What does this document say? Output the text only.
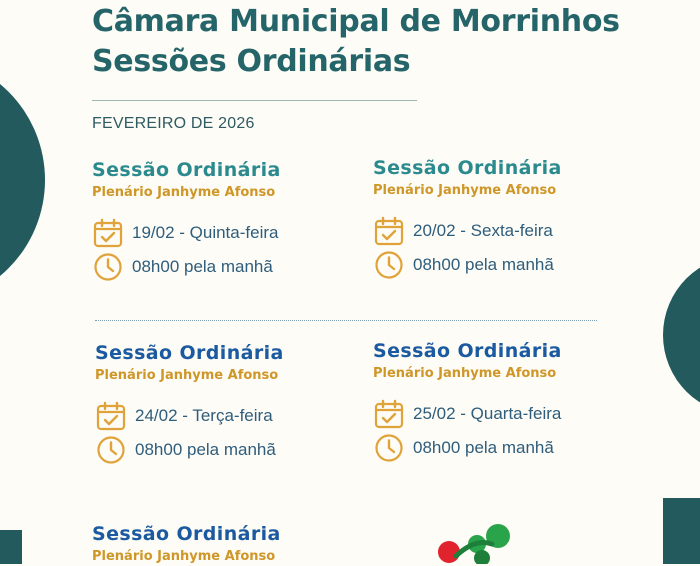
Câmara Municipal de Morrinhos
Sessões Ordinárias
FEVEREIRO DE 2026
Sessão Ordinária
Plenário Janhyme Afonso
19/02 - Quinta-feira
08h00 pela manhã
Sessão Ordinária
Plenário Janhyme Afonso
20/02 - Sexta-feira
08h00 pela manhã
Sessão Ordinária
Plenário Janhyme Afonso
24/02 - Terça-feira
08h00 pela manhã
Sessão Ordinária
Plenário Janhyme Afonso
25/02 - Quarta-feira
08h00 pela manhã
Sessão Ordinária
Plenário Janhyme Afonso
